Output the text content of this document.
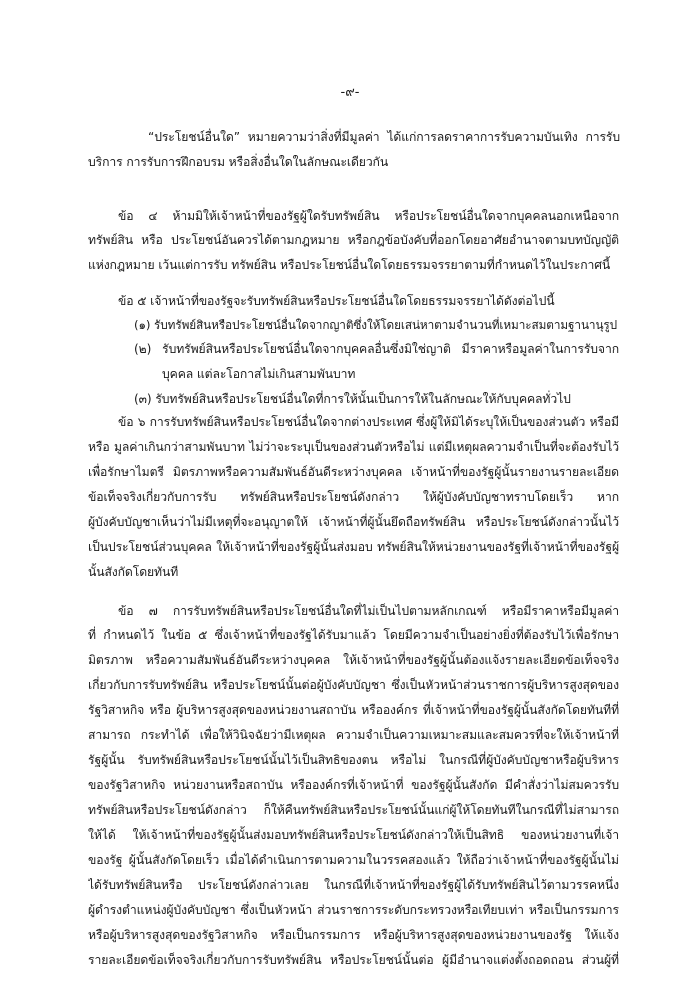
-๙-
“ประโยชน์อื่นใด” หมายความว่าสิ่งที่มีมูลค่า ได้แก่การลดราคาการรับความบันเทิง การรับ
บริการ การรับการฝึกอบรม หรือสิ่งอื่นใดในลักษณะเดียวกัน
ข้อ ๔ ห้ามมิให้เจ้าหน้าที่ของรัฐผู้ใดรับทรัพย์สิน หรือประโยชน์อื่นใดจากบุคคลนอกเหนือจาก
ทรัพย์สิน หรือ ประโยชน์อันควรได้ตามกฎหมาย หรือกฎข้อบังคับที่ออกโดยอาศัยอำนาจตามบทบัญญัติ
แห่งกฎหมาย เว้นแต่การรับ ทรัพย์สิน หรือประโยชน์อื่นใดโดยธรรมจรรยาตามที่กำหนดไว้ในประกาศนี้
ข้อ ๕ เจ้าหน้าที่ของรัฐจะรับทรัพย์สินหรือประโยชน์อื่นใดโดยธรรมจรรยาได้ดังต่อไปนี้
(๑) รับทรัพย์สินหรือประโยชน์อื่นใดจากญาติซึ่งให้โดยเสน่หาตามจำนวนที่เหมาะสมตามฐานานุรูป
(๒) รับทรัพย์สินหรือประโยชน์อื่นใดจากบุคคลอื่นซึ่งมิใช่ญาติ มีราคาหรือมูลค่าในการรับจาก
บุคคล แต่ละโอกาสไม่เกินสามพันบาท
(๓) รับทรัพย์สินหรือประโยชน์อื่นใดที่การให้นั้นเป็นการให้ในลักษณะให้กับบุคคลทั่วไป
ข้อ ๖ การรับทรัพย์สินหรือประโยชน์อื่นใดจากต่างประเทศ ซึ่งผู้ให้มิได้ระบุให้เป็นของส่วนตัว หรือมี
หรือ มูลค่าเกินกว่าสามพันบาท ไม่ว่าจะระบุเป็นของส่วนตัวหรือไม่ แต่มีเหตุผลความจำเป็นที่จะต้องรับไว้
เพื่อรักษาไมตรี มิตรภาพหรือความสัมพันธ์อันดีระหว่างบุคคล เจ้าหน้าที่ของรัฐผู้นั้นรายงานรายละเอียด
ข้อเท็จจริงเกี่ยวกับการรับ ทรัพย์สินหรือประโยชน์ดังกล่าว ให้ผู้บังคับบัญชาทราบโดยเร็ว หาก
ผู้บังคับบัญชาเห็นว่าไม่มีเหตุที่จะอนุญาตให้ เจ้าหน้าที่ผู้นั้นยึดถือทรัพย์สิน หรือประโยชน์ดังกล่าวนั้นไว้
เป็นประโยชน์ส่วนบุคคล ให้เจ้าหน้าที่ของรัฐผู้นั้นส่งมอบ ทรัพย์สินให้หน่วยงานของรัฐที่เจ้าหน้าที่ของรัฐผู้
นั้นสังกัดโดยทันที
ข้อ ๗ การรับทรัพย์สินหรือประโยชน์อื่นใดที่ไม่เป็นไปตามหลักเกณฑ์ หรือมีราคาหรือมีมูลค่า
ที่ กำหนดไว้ ในข้อ ๕ ซึ่งเจ้าหน้าที่ของรัฐได้รับมาแล้ว โดยมีความจำเป็นอย่างยิ่งที่ต้องรับไว้เพื่อรักษา
มิตรภาพ หรือความสัมพันธ์อันดีระหว่างบุคคล ให้เจ้าหน้าที่ของรัฐผู้นั้นต้องแจ้งรายละเอียดข้อเท็จจริง
เกี่ยวกับการรับทรัพย์สิน หรือประโยชน์นั้นต่อผู้บังคับบัญชา ซึ่งเป็นหัวหน้าส่วนราชการผู้บริหารสูงสุดของ
รัฐวิสาหกิจ หรือ ผู้บริหารสูงสุดของหน่วยงานสถาบัน หรือองค์กร ที่เจ้าหน้าที่ของรัฐผู้นั้นสังกัดโดยทันทีที่
สามารถ กระทำได้ เพื่อให้วินิจฉัยว่ามีเหตุผล ความจำเป็นความเหมาะสมและสมควรที่จะให้เจ้าหน้าที่
รัฐผู้นั้น รับทรัพย์สินหรือประโยชน์นั้นไว้เป็นสิทธิของตน หรือไม่ ในกรณีที่ผู้บังคับบัญชาหรือผู้บริหาร
ของรัฐวิสาหกิจ หน่วยงานหรือสถาบัน หรือองค์กรที่เจ้าหน้าที่ ของรัฐผู้นั้นสังกัด มีคำสั่งว่าไม่สมควรรับ
ทรัพย์สินหรือประโยชน์ดังกล่าว ก็ให้คืนทรัพย์สินหรือประโยชน์นั้นแก่ผู้ให้โดยทันทีในกรณีที่ไม่สามารถ
ให้ได้ ให้เจ้าหน้าที่ของรัฐผู้นั้นส่งมอบทรัพย์สินหรือประโยชน์ดังกล่าวให้เป็นสิทธิ ของหน่วยงานที่เจ้า
ของรัฐ ผู้นั้นสังกัดโดยเร็ว เมื่อได้ดำเนินการตามความในวรรคสองแล้ว ให้ถือว่าเจ้าหน้าที่ของรัฐผู้นั้นไม่
ได้รับทรัพย์สินหรือ ประโยชน์ดังกล่าวเลย ในกรณีที่เจ้าหน้าที่ของรัฐผู้ได้รับทรัพย์สินไว้ตามวรรคหนึ่ง
ผู้ดำรงตำแหน่งผู้บังคับบัญชา ซึ่งเป็นหัวหน้า ส่วนราชการระดับกระทรวงหรือเทียบเท่า หรือเป็นกรรมการ
หรือผู้บริหารสูงสุดของรัฐวิสาหกิจ หรือเป็นกรรมการ หรือผู้บริหารสูงสุดของหน่วยงานของรัฐ ให้แจ้ง
รายละเอียดข้อเท็จจริงเกี่ยวกับการรับทรัพย์สิน หรือประโยชน์นั้นต่อ ผู้มีอำนาจแต่งตั้งถอดถอน ส่วนผู้ที่
